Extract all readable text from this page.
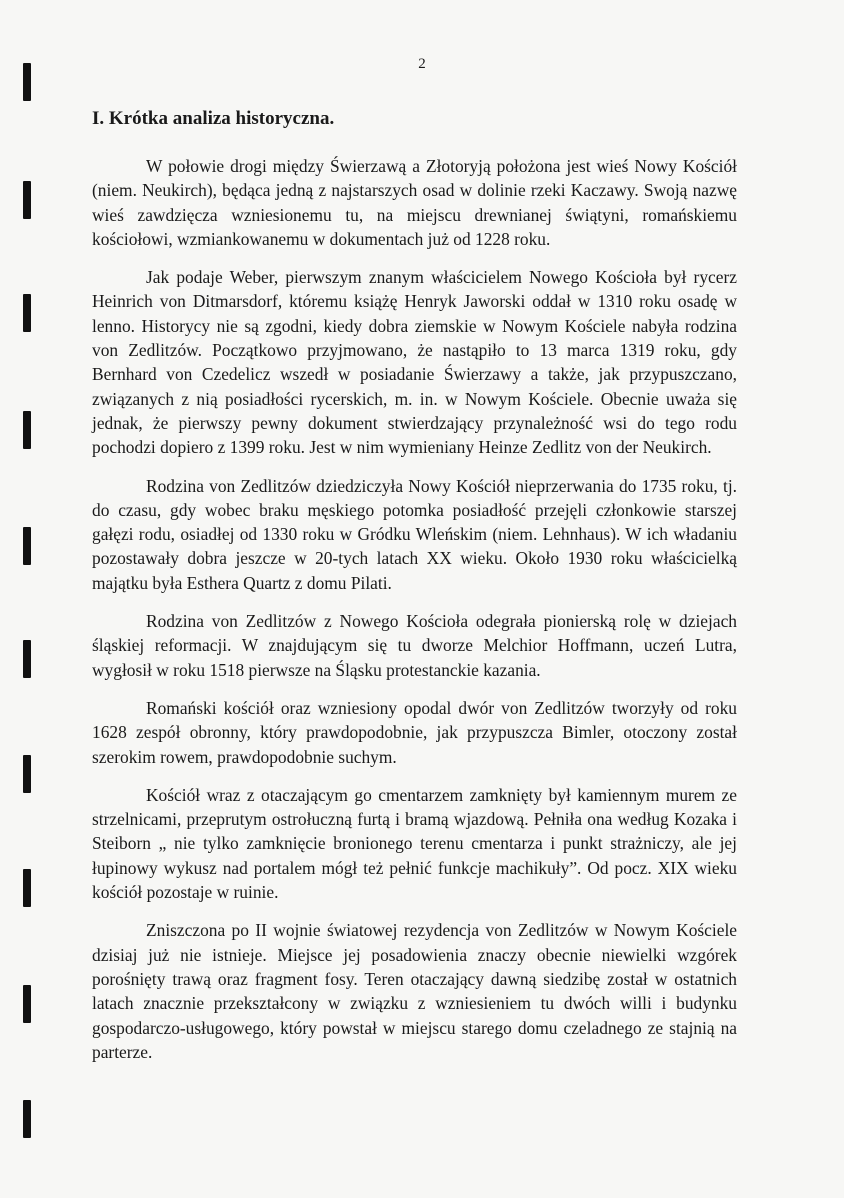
2
I. Krótka analiza historyczna.

W połowie drogi między Świerzawą a Złotoryją położona jest wieś Nowy Kościół (niem. Neukirch), będąca jedną z najstarszych osad w dolinie rzeki Kaczawy. Swoją nazwę wieś zawdzięcza wzniesionemu tu, na miejscu drewnianej świątyni, romańskiemu kościołowi, wzmiankowanemu w dokumentach już od 1228 roku.

Jak podaje Weber, pierwszym znanym właścicielem Nowego Kościoła był rycerz Heinrich von Ditmarsdorf, któremu książę Henryk Jaworski oddał w 1310 roku osadę w lenno. Historycy nie są zgodni, kiedy dobra ziemskie w Nowym Kościele nabyła rodzina von Zedlitzów. Początkowo przyjmowano, że nastąpiło to 13 marca 1319 roku, gdy Bernhard von Czedelicz wszedł w posiadanie Świerzawy a także, jak przypuszczano, związanych z nią posiadłości rycerskich, m. in. w Nowym Kościele. Obecnie uważa się jednak, że pierwszy pewny dokument stwierdzający przynależność wsi do tego rodu pochodzi dopiero z 1399 roku. Jest w nim wymieniany Heinze Zedlitz von der Neukirch.

Rodzina von Zedlitzów dziedziczyła Nowy Kościół nieprzerwania do 1735 roku, tj. do czasu, gdy wobec braku męskiego potomka posiadłość przejęli członkowie starszej gałęzi rodu, osiadłej od 1330 roku w Gródku Wleńskim (niem. Lehnhaus). W ich władaniu pozostawały dobra jeszcze w 20-tych latach XX wieku. Około 1930 roku właścicielką majątku była Esthera Quartz z domu Pilati.

Rodzina von Zedlitzów z Nowego Kościoła odegrała pionierską rolę w dziejach śląskiej reformacji. W znajdującym się tu dworze Melchior Hoffmann, uczeń Lutra, wygłosił w roku 1518 pierwsze na Śląsku protestanckie kazania.

Romański kościół oraz wzniesiony opodal dwór von Zedlitzów tworzyły od roku 1628 zespół obronny, który prawdopodobnie, jak przypuszcza Bimler, otoczony został szerokim rowem, prawdopodobnie suchym.

Kościół wraz z otaczającym go cmentarzem zamknięty był kamiennym murem ze strzelnicami, przeprutym ostrołuczną furtą i bramą wjazdową. Pełniła ona według Kozaka i Steiborn „ nie tylko zamknięcie bronionego terenu cmentarza i punkt strażniczy, ale jej łupinowy wykusz nad portalem mógł też pełnić funkcje machikuły”. Od pocz. XIX wieku kościół pozostaje w ruinie.

Zniszczona po II wojnie światowej rezydencja von Zedlitzów w Nowym Kościele dzisiaj już nie istnieje. Miejsce jej posadowienia znaczy obecnie niewielki wzgórek porośnięty trawą oraz fragment fosy. Teren otaczający dawną siedzibę został w ostatnich latach znacznie przekształcony w związku z wzniesieniem tu dwóch willi i budynku gospodarczo-usługowego, który powstał w miejscu starego domu czeladnego ze stajnią na parterze.
